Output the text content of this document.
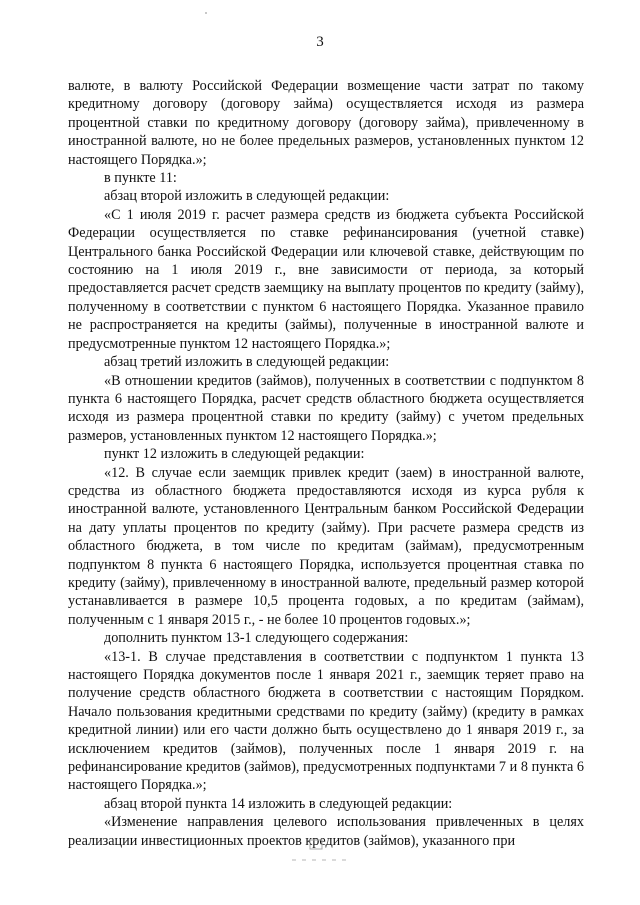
3

валюте, в валюту Российской Федерации возмещение части затрат по такому кредитному договору (договору займа) осуществляется исходя из размера процентной ставки по кредитному договору (договору займа), привлеченному в иностранной валюте, но не более предельных размеров, установленных пунктом 12 настоящего Порядка.»;

в пункте 11:

абзац второй изложить в следующей редакции:

«С 1 июля 2019 г. расчет размера средств из бюджета субъекта Российской Федерации осуществляется по ставке рефинансирования (учетной ставке) Центрального банка Российской Федерации или ключевой ставке, действующим по состоянию на 1 июля 2019 г., вне зависимости от периода, за который предоставляется расчет средств заемщику на выплату процентов по кредиту (займу), полученному в соответствии с пунктом 6 настоящего Порядка. Указанное правило не распространяется на кредиты (займы), полученные в иностранной валюте и предусмотренные пунктом 12 настоящего Порядка.»;

абзац третий изложить в следующей редакции:

«В отношении кредитов (займов), полученных в соответствии с подпунктом 8 пункта 6 настоящего Порядка, расчет средств областного бюджета осуществляется исходя из размера процентной ставки по кредиту (займу) с учетом предельных размеров, установленных пунктом 12 настоящего Порядка.»;

пункт 12 изложить в следующей редакции:

«12. В случае если заемщик привлек кредит (заем) в иностранной валюте, средства из областного бюджета предоставляются исходя из курса рубля к иностранной валюте, установленного Центральным банком Российской Федерации на дату уплаты процентов по кредиту (займу). При расчете размера средств из областного бюджета, в том числе по кредитам (займам), предусмотренным подпунктом 8 пункта 6 настоящего Порядка, используется процентная ставка по кредиту (займу), привлеченному в иностранной валюте, предельный размер которой устанавливается в размере 10,5 процента годовых, а по кредитам (займам), полученным с 1 января 2015 г., - не более 10 процентов годовых.»;

дополнить пунктом 13-1 следующего содержания:

«13-1. В случае представления в соответствии с подпунктом 1 пункта 13 настоящего Порядка документов после 1 января 2021 г., заемщик теряет право на получение средств областного бюджета в соответствии с настоящим Порядком. Начало пользования кредитными средствами по кредиту (займу) (кредиту в рамках кредитной линии) или его части должно быть осуществлено до 1 января 2019 г., за исключением кредитов (займов), полученных после 1 января 2019 г. на рефинансирование кредитов (займов), предусмотренных подпунктами 7 и 8 пункта 6 настоящего Порядка.»;

абзац второй пункта 14 изложить в следующей редакции:

«Изменение направления целевого использования привлеченных в целях реализации инвестиционных проектов кредитов (займов), указанного при
